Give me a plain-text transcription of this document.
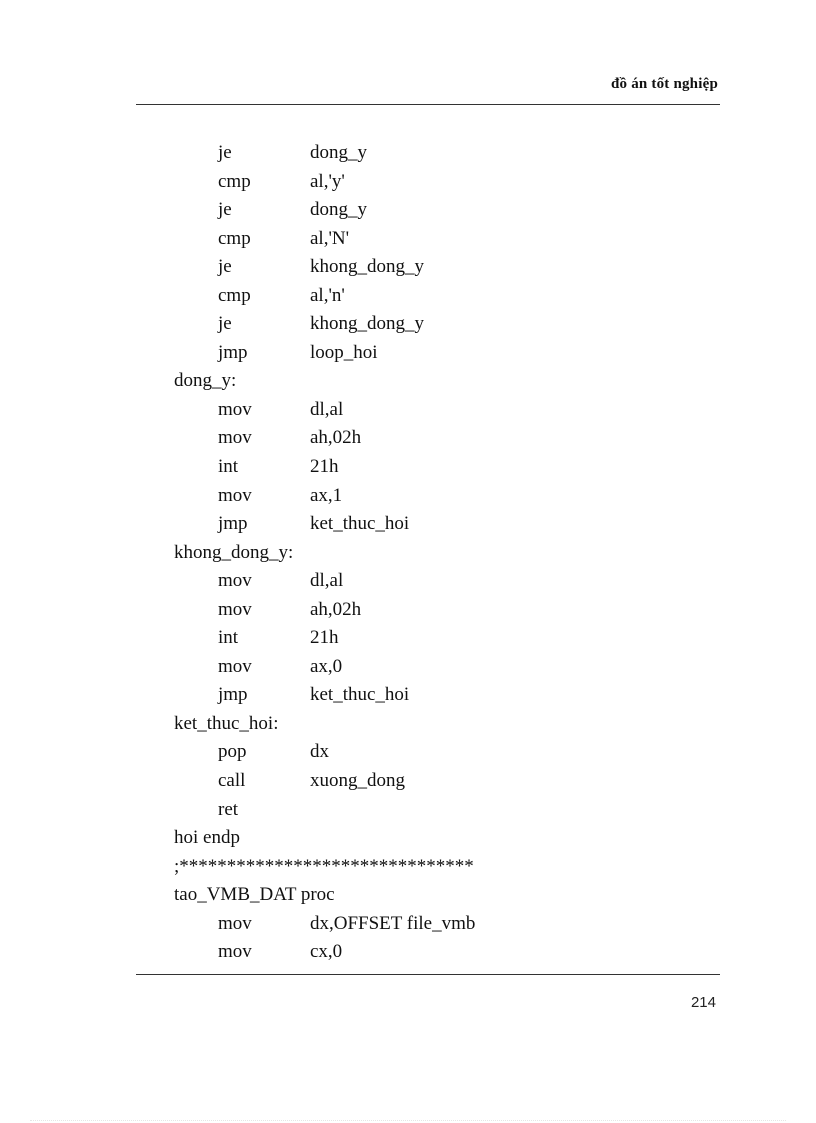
đồ án tốt nghiệp
je	dong_y
cmp	al,'y'
je	dong_y
cmp	al,'N'
je	khong_dong_y
cmp	al,'n'
je	khong_dong_y
jmp	loop_hoi
dong_y:
mov	dl,al
mov	ah,02h
int	21h
mov	ax,1
jmp	ket_thuc_hoi
khong_dong_y:
mov	dl,al
mov	ah,02h
int	21h
mov	ax,0
jmp	ket_thuc_hoi
ket_thuc_hoi:
pop	dx
call	xuong_dong
ret
hoi endp
;*******************************
tao_VMB_DAT proc
mov	dx,OFFSET file_vmb
mov	cx,0
214
